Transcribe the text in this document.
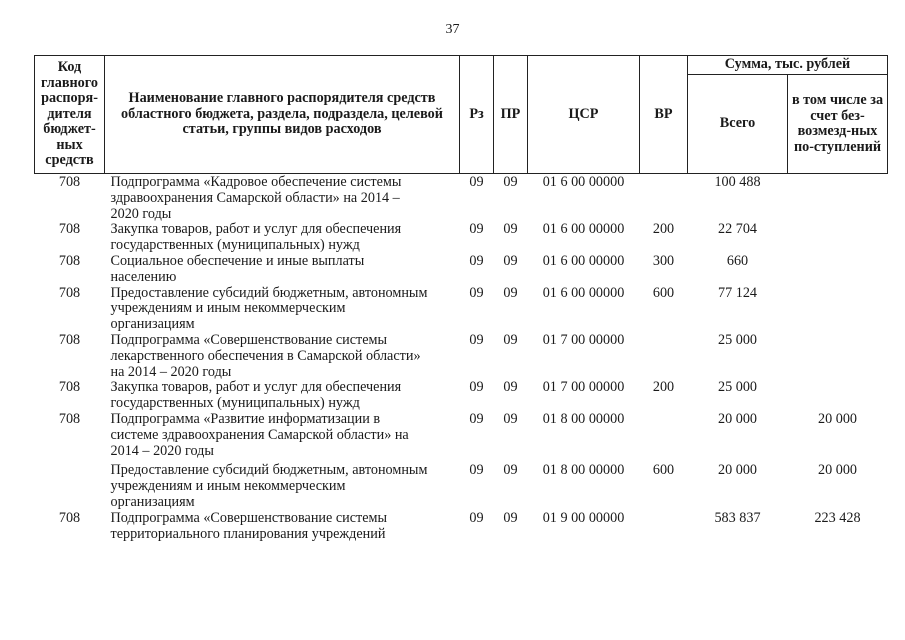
37
Код главного распоря-дителя бюджет-ных средств	Наименование главного распорядителя средств областного бюджета, раздела, подраздела, целевой статьи, группы видов расходов	Рз	ПР	ЦСР	ВР	Сумма, тыс. рублей	
						Всего	в том числе за счет без-возмезд-ных по-ступлений
708	Подпрограмма «Кадровое обеспечение системы здравоохранения Самарской области» на 2014 – 2020 годы	09	09	01 6 00 00000		100 488	
708	Закупка товаров, работ и услуг для обеспечения государственных (муниципальных) нужд	09	09	01 6 00 00000	200	22 704	
708	Социальное обеспечение и иные выплаты населению	09	09	01 6 00 00000	300	660	
708	Предоставление субсидий бюджетным, автономным учреждениям и иным некоммерческим организациям	09	09	01 6 00 00000	600	77 124	
708	Подпрограмма «Совершенствование системы лекарственного обеспечения в Самарской области» на 2014 – 2020 годы	09	09	01 7 00 00000		25 000	
708	Закупка товаров, работ и услуг для обеспечения государственных (муниципальных) нужд	09	09	01 7 00 00000	200	25 000	
708	Подпрограмма «Развитие информатизации в системе здравоохранения Самарской области» на 2014 – 2020 годы	09	09	01 8 00 00000		20 000	20 000
	Предоставление субсидий бюджетным, автономным учреждениям и иным некоммерческим организациям	09	09	01 8 00 00000	600	20 000	20 000
708	Подпрограмма «Совершенствование системы территориального планирования учреждений	09	09	01 9 00 00000		583 837	223 428
